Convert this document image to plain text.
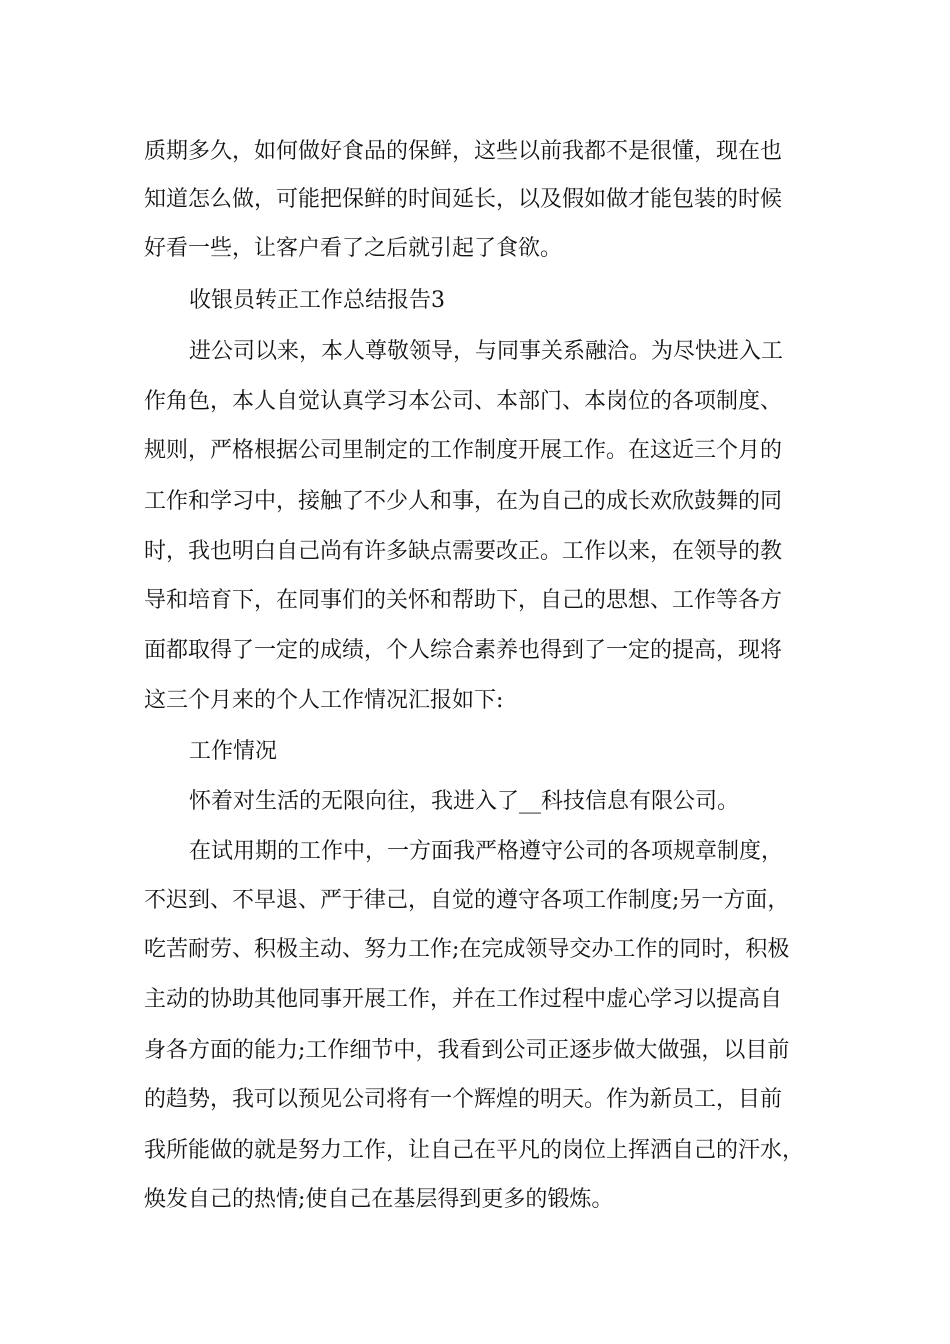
质期多久，如何做好食品的保鲜，这些以前我都不是很懂，现在也
知道怎么做，可能把保鲜的时间延长，以及假如做才能包装的时候
好看一些，让客户看了之后就引起了食欲。
收银员转正工作总结报告3
进公司以来，本人尊敬领导，与同事关系融洽。为尽快进入工
作角色，本人自觉认真学习本公司、本部门、本岗位的各项制度、
规则，严格根据公司里制定的工作制度开展工作。在这近三个月的
工作和学习中，接触了不少人和事，在为自己的成长欢欣鼓舞的同
时，我也明白自己尚有许多缺点需要改正。工作以来，在领导的教
导和培育下，在同事们的关怀和帮助下，自己的思想、工作等各方
面都取得了一定的成绩，个人综合素养也得到了一定的提高，现将
这三个月来的个人工作情况汇报如下:
工作情况
怀着对生活的无限向往，我进入了__科技信息有限公司。
在试用期的工作中，一方面我严格遵守公司的各项规章制度，
不迟到、不早退、严于律己，自觉的遵守各项工作制度;另一方面，
吃苦耐劳、积极主动、努力工作;在完成领导交办工作的同时，积极
主动的协助其他同事开展工作，并在工作过程中虚心学习以提高自
身各方面的能力;工作细节中，我看到公司正逐步做大做强，以目前
的趋势，我可以预见公司将有一个辉煌的明天。作为新员工，目前
我所能做的就是努力工作，让自己在平凡的岗位上挥洒自己的汗水，
焕发自己的热情;使自己在基层得到更多的锻炼。
